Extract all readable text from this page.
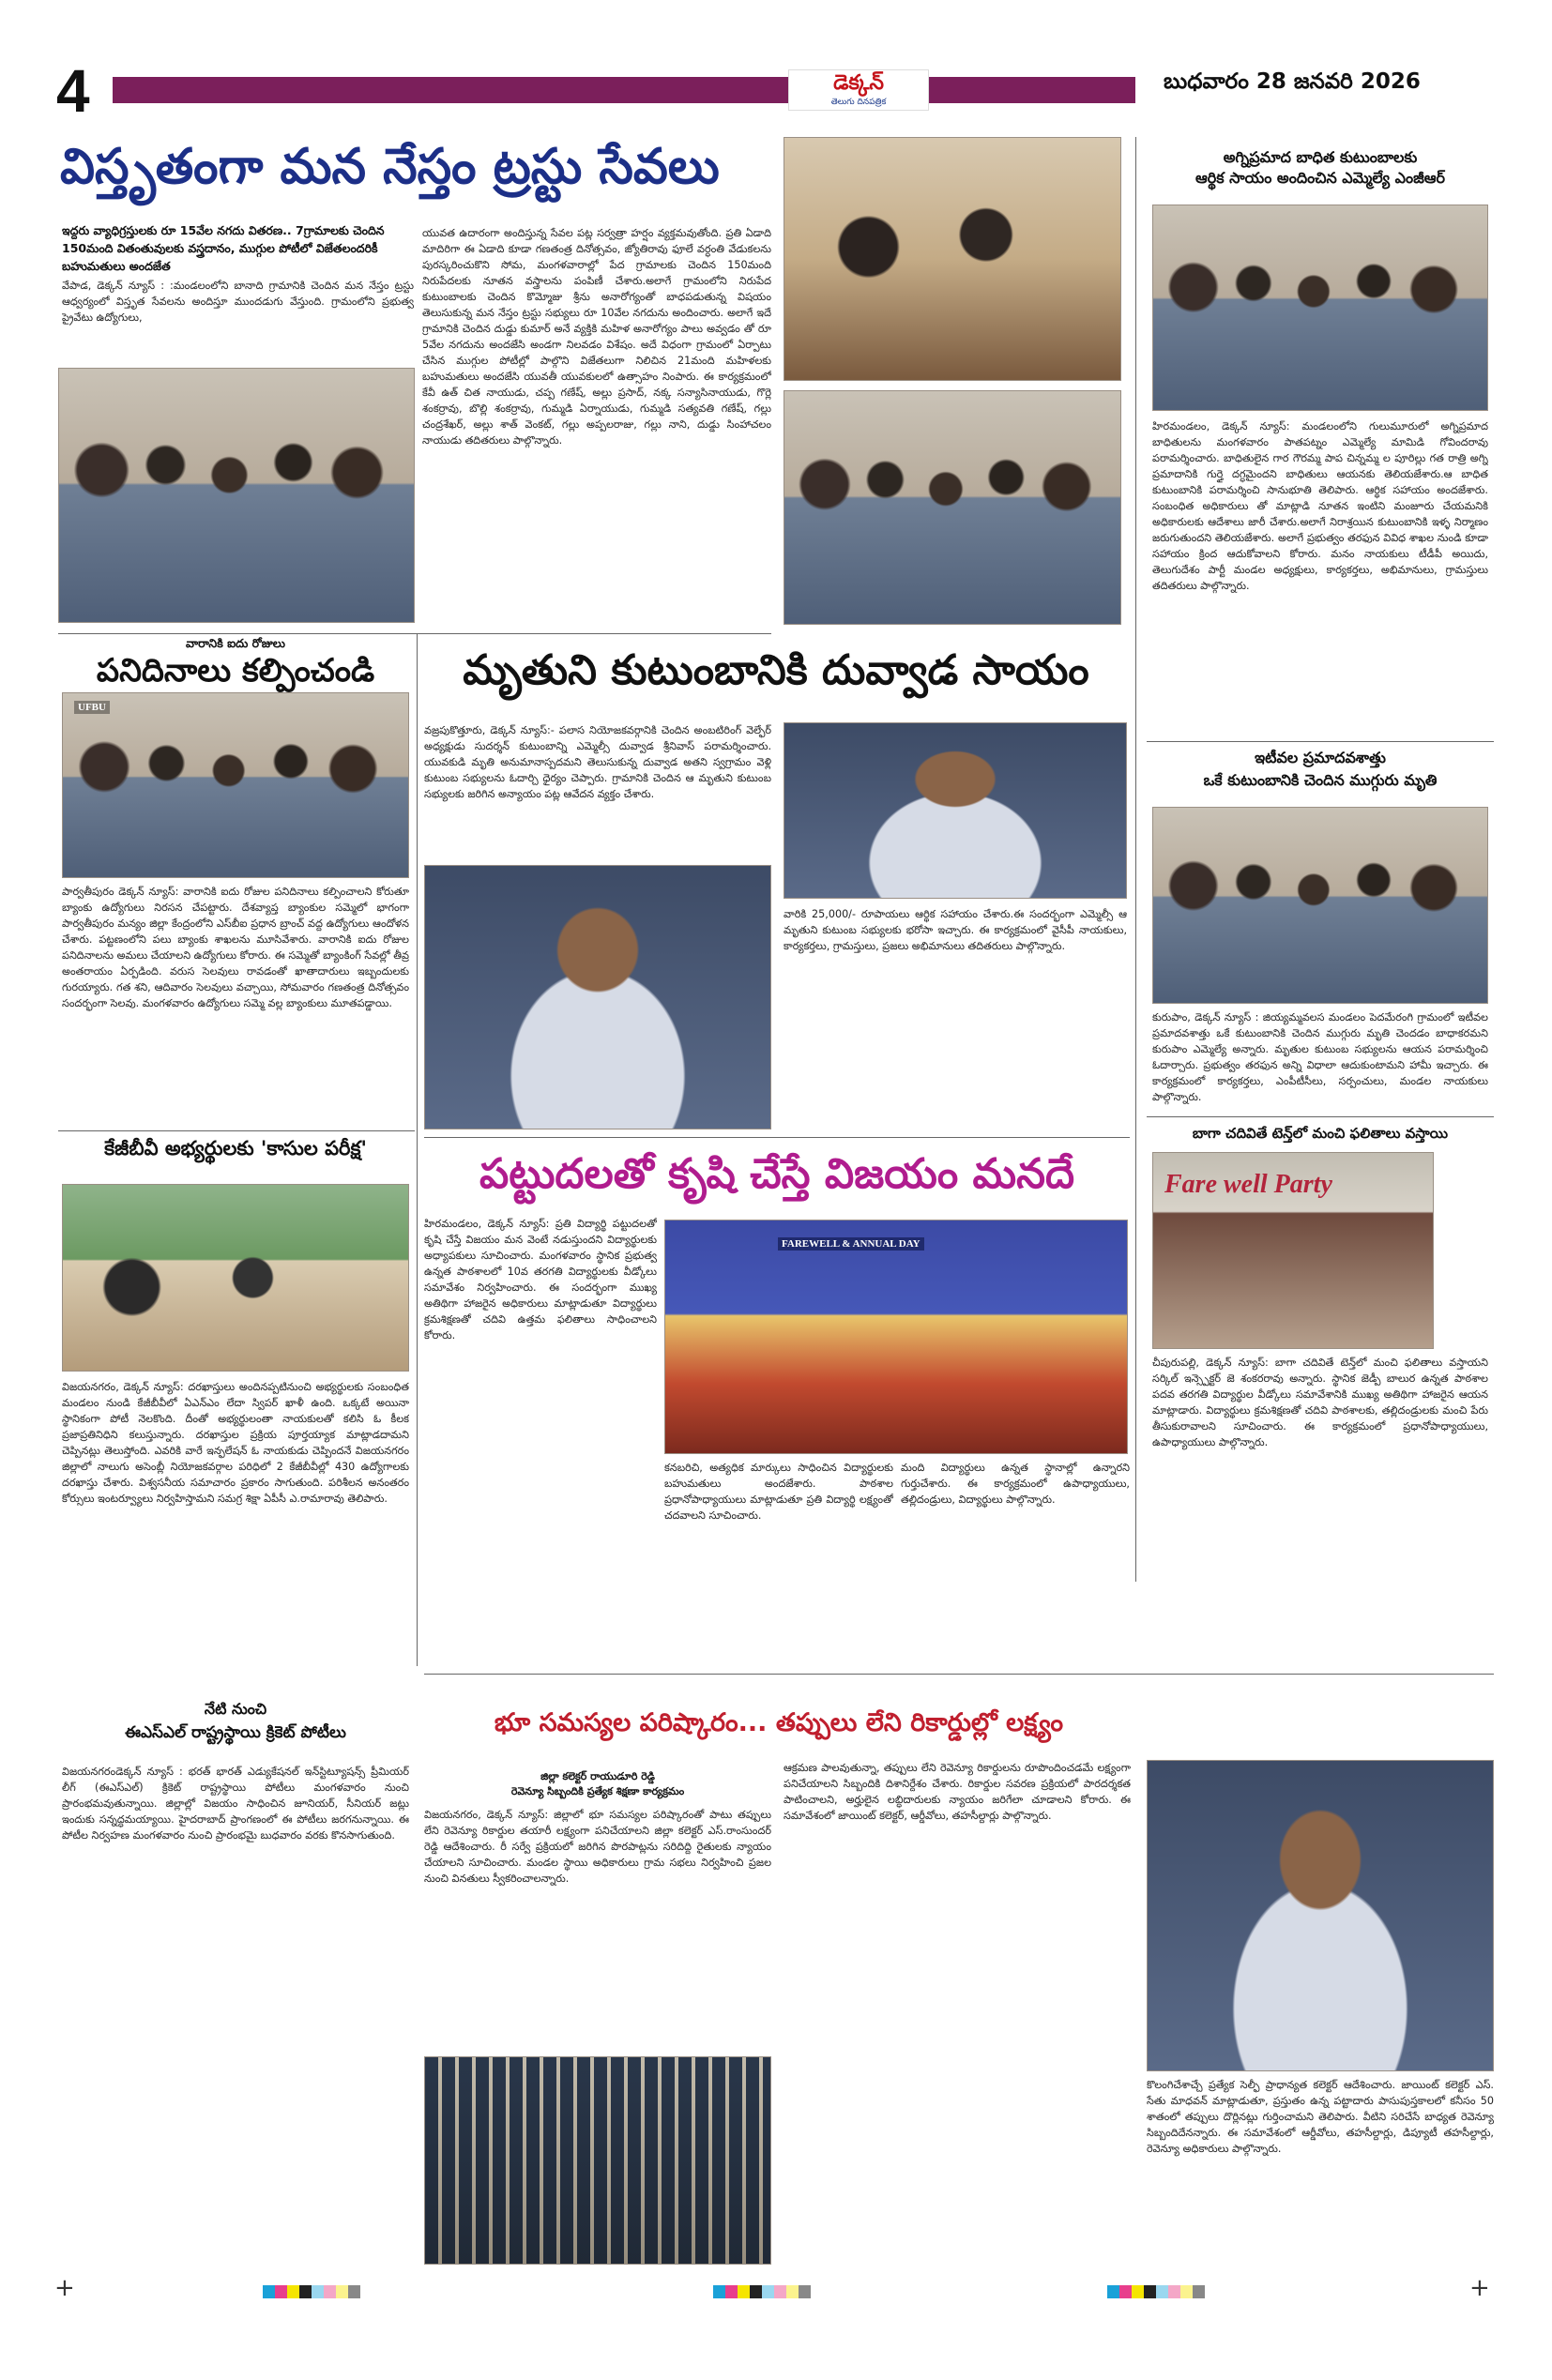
4	డెక్కన్
తెలుగు దినపత్రిక
బుధవారం 28 జనవరి 2026
విస్తృతంగా మన నేస్తం ట్రస్టు సేవలు
ఇద్దరు వ్యాధిగ్రస్తులకు రూ 15వేల నగదు వితరణ.. 7గ్రామాలకు చెందిన 150మంది వితంతువులకు వస్త్రదానం, ముగ్గుల పోటీలో విజేతలందరికీ బహుమతులు అందజేత
వేపాడ, డెక్కన్ న్యూస్ : :మండలంలోని బానాది గ్రామానికి చెందిన మన నేస్తం ట్రస్టు ఆధ్వర్యంలో విస్తృత సేవలను అందిస్తూ ముందడుగు వేస్తుంది. గ్రామంలోని ప్రభుత్వ ప్రైవేటు ఉద్యోగులు,
యువత ఉదారంగా అందిస్తున్న సేవల పట్ల సర్వత్రా హర్షం వ్యక్తమవుతోంది. ప్రతి ఏడాది మాదిరిగా ఈ ఏడాది కూడా గణతంత్ర దినోత్సవం, జ్యోతిరావు ఫూలే వర్ధంతి వేడుకలను పురస్కరించుకొని సోమ, మంగళవారాల్లో పేద గ్రామాలకు చెందిన 150మంది నిరుపేదలకు నూతన వస్త్రాలను పంపిణీ చేశారు.అలాగే గ్రామంలోని నిరుపేద కుటుంబాలకు చెందిన కొమ్మోజు శ్రీను అనారోగ్యంతో బాధపడుతున్న విషయం తెలుసుకున్న మన నేస్తం ట్రస్టు సభ్యులు రూ 10వేల నగదును అందించారు. అలాగే ఇదే గ్రామానికి చెందిన దుడ్డు కుమార్ అనే వ్యక్తికి మహిళ అనారోగ్యం పాలు అవ్వడం తో రూ 5వేల నగదును అందజేసి అండగా నిలవడం విశేషం. అదే విధంగా గ్రామంలో ఏర్పాటు చేసిన ముగ్గుల పోటీల్లో పాల్గొని విజేతలుగా నిలిచిన 21మంది మహిళలకు బహుమతులు అందజేసి యువతీ యువకులలో ఉత్సాహం నింపారు. ఈ కార్యక్రమంలో కేవీ ఉత్ చిత నాయుడు, చప్ప గణేష్, అల్లు ప్రసాద్, నక్క సన్యాసినాయుడు, గొర్లె శంకర్రావు, బొల్లి శంకర్రావు, గుమ్మడి ఏర్నాయుడు, గుమ్మడి సత్యవతి గణేష్, గల్లు చంద్రశేఖర్, అల్లు శాత్ వెంకట్, గల్లు అప్పలరాజు, గల్లు నాని, దుడ్డు సింహాచలం నాయుడు తదితరులు పాల్గొన్నారు.
అగ్నిప్రమాద బాధిత కుటుంబాలకు
ఆర్థిక సాయం అందించిన ఎమ్మెల్యే ఎంజీఆర్
హిరమండలం, డెక్కన్ న్యూస్: మండలంలోని గులుమూరులో అగ్నిప్రమాద బాధితులను మంగళవారం పాతపట్నం ఎమ్మెల్యే మామిడి గోవిందరావు పరామర్శించారు. బాధితులైన గార గౌరమ్మ పాప చిన్నమ్మ ల పూరిల్లు గత రాత్రి అగ్ని ప్రమాదానికి గుర్తై దగ్ధమైందని బాధితులు ఆయనకు తెలియజేశారు.ఆ బాధిత కుటుంబానికి పరామర్శించి సానుభూతి తెలిపారు. ఆర్థిక సహాయం అందజేశారు. సంబంధిత అధికారులు తో మాట్లాడి నూతన ఇంటిని మంజూరు చేయమనికి అధికారులకు ఆదేశాలు జారీ చేశారు.అలాగే నిరాశ్రయిన కుటుంబానికి ఇళ్ళ నిర్మాణం జరుగుతుందని తెలియజేశారు. అలాగే ప్రభుత్వం తరఫున వివిధ శాఖల నుండి కూడా సహాయం క్రింద ఆదుకోవాలని కోరారు. మనం నాయకులు టీడీపీ అయిదు, తెలుగుదేశం పార్టీ మండల అధ్యక్షులు, కార్యకర్తలు, అభిమానులు, గ్రామస్తులు తదితరులు పాల్గొన్నారు.
వారానికి ఐదు రోజులు
పనిదినాలు కల్పించండి
UFBU
పార్వతీపురం డెక్కన్ న్యూస్: వారానికి ఐదు రోజుల పనిదినాలు కల్పించాలని కోరుతూ బ్యాంకు ఉద్యోగులు నిరసన చేపట్టారు. దేశవ్యాప్త బ్యాంకుల సమ్మెలో భాగంగా పార్వతీపురం మన్యం జిల్లా కేంద్రంలోని ఎస్‌బీఐ ప్రధాన బ్రాంచ్ వద్ద ఉద్యోగులు ఆందోళన చేశారు. పట్టణంలోని పలు బ్యాంకు శాఖలను మూసివేశారు. వారానికి ఐదు రోజుల పనిదినాలను అమలు చేయాలని ఉద్యోగులు కోరారు. ఈ సమ్మెతో బ్యాంకింగ్ సేవల్లో తీవ్ర అంతరాయం ఏర్పడింది. వరుస సెలవులు రావడంతో ఖాతాదారులు ఇబ్బందులకు గురయ్యారు. గత శని, ఆదివారం సెలవులు వచ్చాయి, సోమవారం గణతంత్ర దినోత్సవం సందర్భంగా సెలవు. మంగళవారం ఉద్యోగులు సమ్మె వల్ల బ్యాంకులు మూతపడ్డాయి.
కేజీబీవీ అభ్యర్థులకు 'కాసుల పరీక్ష'
విజయనగరం, డెక్కన్ న్యూస్: దరఖాస్తులు అందినప్పటినుంచి అభ్యర్థులకు సంబంధిత మండలం నుండి కేజీబీవీలో ఏఎన్‌ఎం లేదా స్విపర్ ఖాళీ ఉంది. ఒక్కటే అయినా స్థానికంగా పోటీ నెలకొంది. దీంతో అభ్యర్థులంతా నాయకులతో కలిసి ఓ కీలక ప్రజాప్రతినిధిని కలుస్తున్నారు. దరఖాస్తుల ప్రక్రియ పూర్తయ్యాక మాట్లాడదామని చెప్పినట్లు తెలుస్తోంది. ఎవరికి వారే ఇన్ఫలేషన్ ఓ నాయకుడు చెప్పిందనే విజయనగరం జిల్లాలో నాలుగు అసెంబ్లీ నియోజకవర్గాల పరిధిలో 2 కేజీబీవీల్లో 430 ఉద్యోగాలకు దరఖాస్తు చేశారు. విశ్వసనీయ సమాచారం ప్రకారం సాగుతుంది. పరిశీలన అనంతరం కోర్సులు ఇంటర్వ్యూలు నిర్వహిస్తామని సమగ్ర శిక్షా ఏపీసీ ఎ.రామారావు తెలిపారు.
నేటి నుంచి
ఈఎస్‌ఎల్ రాష్ట్రస్థాయి క్రికెట్ పోటీలు
విజయనగరండెక్కన్ న్యూస్ : భరత్ భారత్ ఎడ్యుకేషనల్ ఇన్‌స్టిట్యూషన్స్ ప్రీమియర్ లీగ్ (ఈఎస్‌ఎల్) క్రికెట్ రాష్ట్రస్థాయి పోటీలు మంగళవారం నుంచి ప్రారంభమవుతున్నాయి. జిల్లాల్లో విజయం సాధించిన జూనియర్, సీనియర్ జట్లు ఇందుకు సన్నద్ధమయ్యాయి. హైదరాబాద్ ప్రాంగణంలో ఈ పోటీలు జరగనున్నాయి. ఈ పోటీల నిర్వహణ మంగళవారం నుంచి ప్రారంభమై బుధవారం వరకు కొనసాగుతుంది.
మృతుని కుటుంబానికి దువ్వాడ సాయం
వజ్రపుకొత్తూరు, డెక్కన్ న్యూస్:- పలాస నియోజకవర్గానికి చెందిన అంబటిరింగ్ వెల్ఫేర్ అధ్యక్షుడు సుదర్శన్ కుటుంబాన్ని ఎమ్మెల్సీ దువ్వాడ శ్రీనివాస్ పరామర్శించారు. యువకుడి మృతి అనుమానాస్పదమని తెలుసుకున్న దువ్వాడ అతని స్వగ్రామం వెళ్లి కుటుంబ సభ్యులను ఓదార్చి ధైర్యం చెప్పారు. గ్రామానికి చెందిన ఆ మృతుని కుటుంబ సభ్యులకు జరిగిన అన్యాయం పట్ల ఆవేదన వ్యక్తం చేశారు.
వారికి 25,000/- రూపాయలు ఆర్థిక సహాయం చేశారు.ఈ సందర్భంగా ఎమ్మెల్సీ ఆ మృతుని కుటుంబ సభ్యులకు భరోసా ఇచ్చారు. ఈ కార్యక్రమంలో వైసీపీ నాయకులు, కార్యకర్తలు, గ్రామస్తులు, ప్రజలు అభిమానులు తదితరులు పాల్గొన్నారు.
పట్టుదలతో కృషి చేస్తే విజయం మనదే
హిరమండలం, డెక్కన్ న్యూస్: ప్రతి విద్యార్థి పట్టుదలతో కృషి చేస్తే విజయం మన వెంటే నడుస్తుందని విద్యార్థులకు అధ్యాపకులు సూచించారు. మంగళవారం స్థానిక ప్రభుత్వ ఉన్నత పాఠశాలలో 10వ తరగతి విద్యార్థులకు వీడ్కోలు సమావేశం నిర్వహించారు. ఈ సందర్భంగా ముఖ్య అతిథిగా హాజరైన అధికారులు మాట్లాడుతూ విద్యార్థులు క్రమశిక్షణతో చదివి ఉత్తమ ఫలితాలు సాధించాలని కోరారు.
FAREWELL & ANNUAL DAY
కనబరిచి, అత్యధిక మార్కులు సాధించిన విద్యార్థులకు బహుమతులు అందజేశారు. పాఠశాల ప్రధానోపాధ్యాయులు మాట్లాడుతూ ప్రతి విద్యార్థి లక్ష్యంతో చదవాలని సూచించారు.
మంది విద్యార్థులు ఉన్నత స్థానాల్లో ఉన్నారని గుర్తుచేశారు. ఈ కార్యక్రమంలో ఉపాధ్యాయులు, తల్లిదండ్రులు, విద్యార్థులు పాల్గొన్నారు.
ఇటీవల ప్రమాదవశాత్తు
ఒకే కుటుంబానికి చెందిన ముగ్గురు మృతి
కురుపాం, డెక్కన్ న్యూస్ : జియ్యమ్మవలస మండలం పెదమేరంగి గ్రామంలో ఇటీవల ప్రమాదవశాత్తు ఒకే కుటుంబానికి చెందిన ముగ్గురు మృతి చెందడం బాధాకరమని కురుపాం ఎమ్మెల్యే అన్నారు. మృతుల కుటుంబ సభ్యులను ఆయన పరామర్శించి ఓదార్చారు. ప్రభుత్వం తరఫున అన్ని విధాలా ఆదుకుంటామని హామీ ఇచ్చారు. ఈ కార్యక్రమంలో కార్యకర్తలు, ఎంపీటీసీలు, సర్పంచులు, మండల నాయకులు పాల్గొన్నారు.
బాగా చదివితే టెన్త్‌లో మంచి ఫలితాలు వస్తాయి
Fare well Party
చీపురుపల్లి, డెక్కన్ న్యూస్: బాగా చదివితే టెన్త్‌లో మంచి ఫలితాలు వస్తాయని సర్కిల్ ఇన్స్పెక్టర్ జె శంకరరావు అన్నారు. స్థానిక జెడ్పీ బాలుర ఉన్నత పాఠశాల పదవ తరగతి విద్యార్థుల వీడ్కోలు సమావేశానికి ముఖ్య అతిథిగా హాజరైన ఆయన మాట్లాడారు. విద్యార్థులు క్రమశిక్షణతో చదివి పాఠశాలకు, తల్లిదండ్రులకు మంచి పేరు తీసుకురావాలని సూచించారు. ఈ కార్యక్రమంలో ప్రధానోపాధ్యాయులు, ఉపాధ్యాయులు పాల్గొన్నారు.
భూ సమస్యల పరిష్కారం... తప్పులు లేని రికార్డుల్లో లక్ష్యం
జిల్లా కలెక్టర్ రాయుడూరి రెడ్డి
రెవెన్యూ సిబ్బందికి ప్రత్యేక శిక్షణా కార్యక్రమం
విజయనగరం, డెక్కన్ న్యూస్: జిల్లాలో భూ సమస్యల పరిష్కారంతో పాటు తప్పులు లేని రెవెన్యూ రికార్డుల తయారీ లక్ష్యంగా పనిచేయాలని జిల్లా కలెక్టర్ ఎస్.రాంసుందర్ రెడ్డి ఆదేశించారు. రీ సర్వే ప్రక్రియలో జరిగిన పొరపాట్లను సరిదిద్ది రైతులకు న్యాయం చేయాలని సూచించారు. మండల స్థాయి అధికారులు గ్రామ సభలు నిర్వహించి ప్రజల నుంచి వినతులు స్వీకరించాలన్నారు.
ఆక్రమణ పాలవుతున్నా, తప్పులు లేని రెవెన్యూ రికార్డులను రూపొందించడమే లక్ష్యంగా పనిచేయాలని సిబ్బందికి దిశానిర్దేశం చేశారు. రికార్డుల సవరణ ప్రక్రియలో పారదర్శకత పాటించాలని, అర్హులైన లబ్ధిదారులకు న్యాయం జరిగేలా చూడాలని కోరారు. ఈ సమావేశంలో జాయింట్ కలెక్టర్, ఆర్డీవోలు, తహసీల్దార్లు పాల్గొన్నారు.
కొలంగిచేశాచ్చే ప్రత్యేక సెల్ఫీ ప్రాధాన్యత కలెక్టర్ ఆదేశించారు. జాయింట్ కలెక్టర్ ఎస్. సేతు మాధవన్ మాట్లాడుతూ, ప్రస్తుతం ఉన్న పట్టాదారు పాసుపుస్తకాలలో కనీసం 50 శాతంలో తప్పులు దొర్లినట్లు గుర్తించామని తెలిపారు. వీటిని సరిచేసే బాధ్యత రెవెన్యూ సిబ్బందిదేనన్నారు. ఈ సమావేశంలో ఆర్డీవోలు, తహసీల్దార్లు, డిప్యూటీ తహసీల్దార్లు, రెవెన్యూ అధికారులు పాల్గొన్నారు.
+	+
